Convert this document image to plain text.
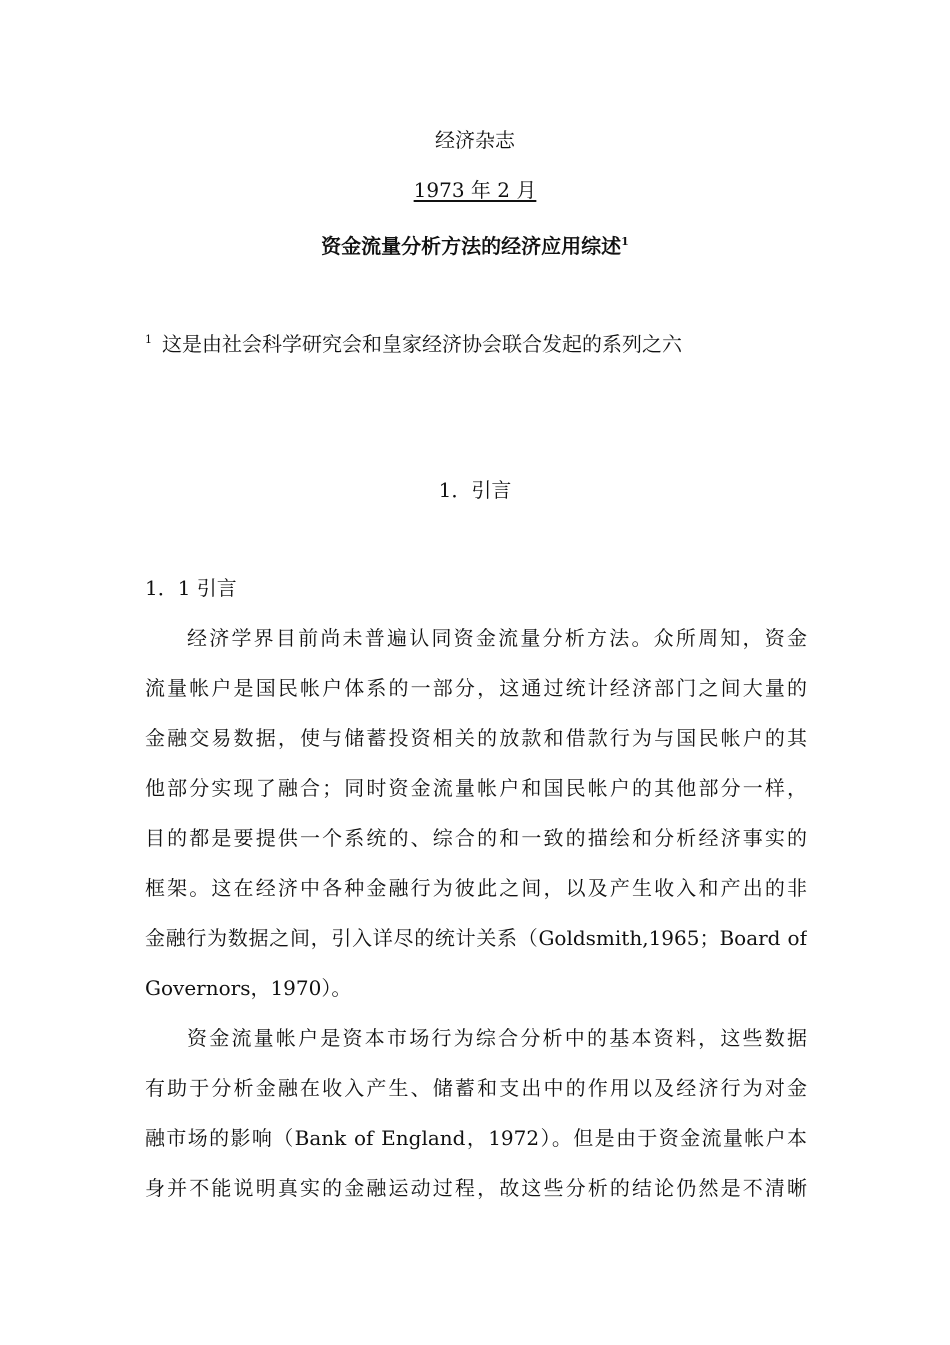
经济杂志
1973 年 2 月
资金流量分析方法的经济应用综述$^1$
$^1$ 这是由社会科学研究会和皇家经济协会联合发起的系列之六
1．引言
1．1 引言
经济学界目前尚未普遍认同资金流量分析方法。众所周知，资金
流量帐户是国民帐户体系的一部分，这通过统计经济部门之间大量的
金融交易数据，使与储蓄投资相关的放款和借款行为与国民帐户的其
他部分实现了融合；同时资金流量帐户和国民帐户的其他部分一样，
目的都是要提供一个系统的、综合的和一致的描绘和分析经济事实的
框架。这在经济中各种金融行为彼此之间，以及产生收入和产出的非
金融行为数据之间，引入详尽的统计关系（Goldsmith,1965；Board of
Governors，1970）。
资金流量帐户是资本市场行为综合分析中的基本资料，这些数据
有助于分析金融在收入产生、储蓄和支出中的作用以及经济行为对金
融市场的影响（Bank of England，1972）。但是由于资金流量帐户本
身并不能说明真实的金融运动过程，故这些分析的结论仍然是不清晰
